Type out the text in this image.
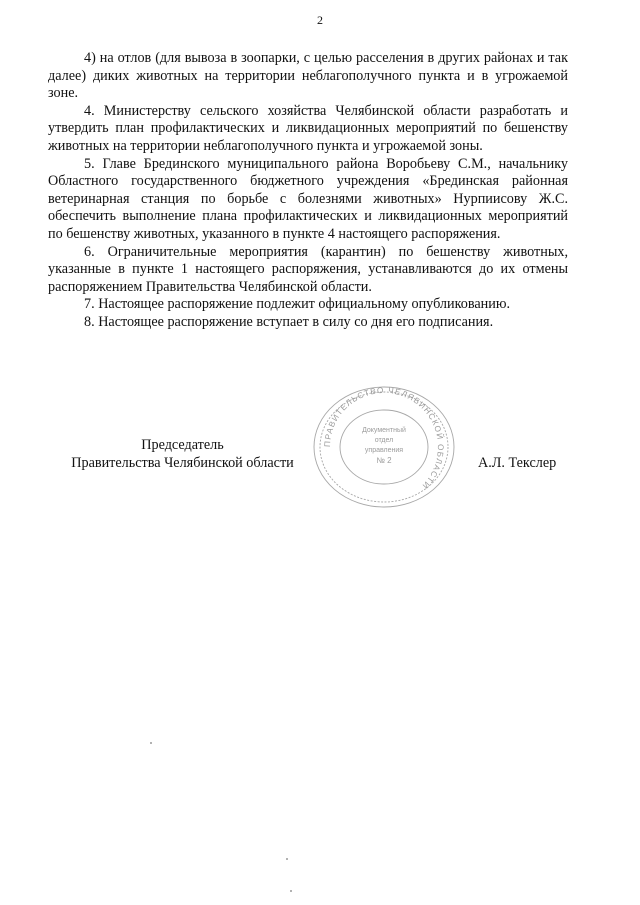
2

4) на отлов (для вывоза в зоопарки, с целью расселения в других районах и так далее) диких животных на территории неблагополучного пункта и в угрожаемой зоне.

4. Министерству сельского хозяйства Челябинской области разработать и утвердить план профилактических и ликвидационных мероприятий по бешенству животных на территории неблагополучного пункта и угрожаемой зоны.

5. Главе Брединского муниципального района Воробьеву С.М., начальнику Областного государственного бюджетного учреждения «Брединская районная ветеринарная станция по борьбе с болезнями животных» Нурпиисову Ж.С. обеспечить выполнение плана профилактических и ликвидационных мероприятий по бешенству животных, указанного в пункте 4 настоящего распоряжения.

6. Ограничительные мероприятия (карантин) по бешенству животных, указанные в пункте 1 настоящего распоряжения, устанавливаются до их отмены распоряжением Правительства Челябинской области.

7. Настоящее распоряжение подлежит официальному опубликованию.

8. Настоящее распоряжение вступает в силу со дня его подписания.

Председатель
Правительства Челябинской области
ПРАВИТЕЛЬСТВО ЧЕЛЯБИНСКОЙ ОБЛАСТИ
Документный
отдел
управления
№ 2	А.Л. Текслер
